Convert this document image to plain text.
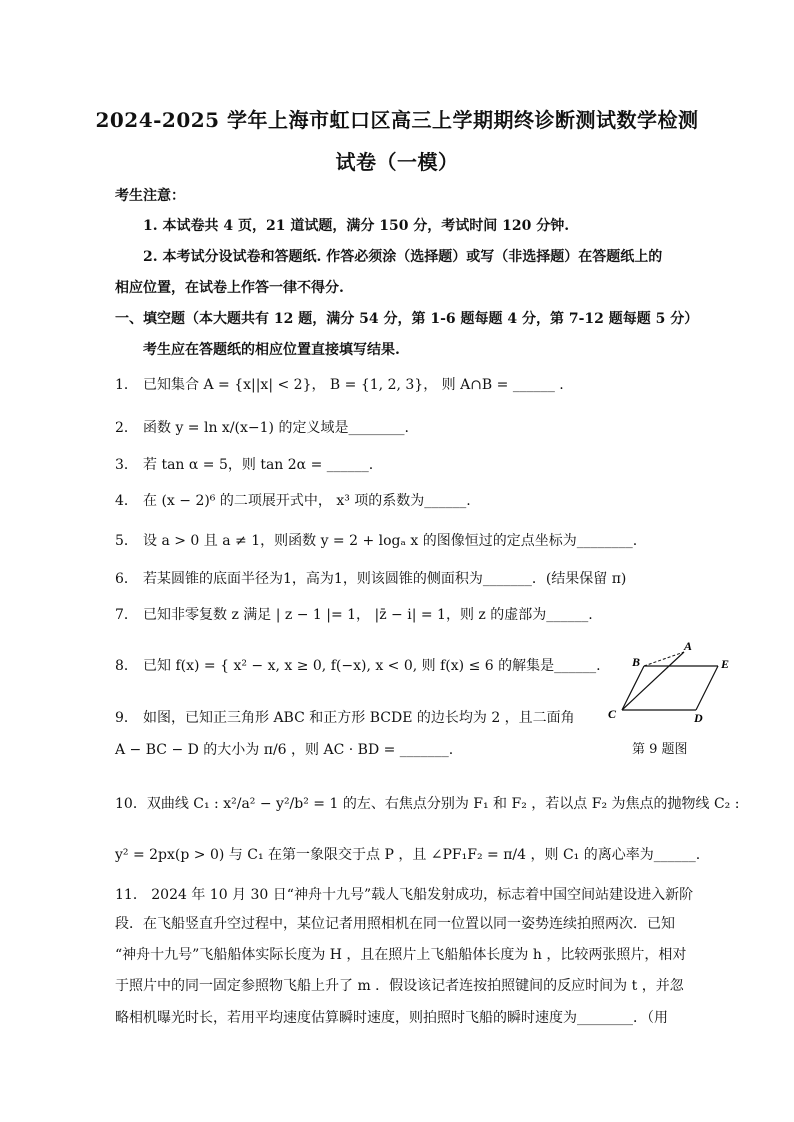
2024-2025 学年上海市虹口区高三上学期期终诊断测试数学检测
试卷（一模）
考生注意：
1. 本试卷共 4 页，21 道试题，满分 150 分，考试时间 120 分钟.
2. 本考试分设试卷和答题纸. 作答必须涂（选择题）或写（非选择题）在答题纸上的
相应位置，在试卷上作答一律不得分.
一、填空题（本大题共有 12 题，满分 54 分，第 1-6 题每题 4 分，第 7-12 题每题 5 分）
考生应在答题纸的相应位置直接填写结果.
1． 已知集合 A = {x||x| < 2}， B = {1, 2, 3}， 则 A∩B = ______ .
2． 函数 y = ln x/(x−1) 的定义域是________.
3． 若 tan α = 5，则 tan 2α = ______.
4． 在 (x − 2)⁶ 的二项展开式中， x³ 项的系数为______.
5． 设 a > 0 且 a ≠ 1，则函数 y = 2 + logₐ x 的图像恒过的定点坐标为________.
6． 若某圆锥的底面半径为1，高为1，则该圆锥的侧面积为_______．(结果保留 π)
7． 已知非零复数 z 满足 | z − 1 |= 1， |z̄ − i| = 1，则 z 的虚部为______.
8． 已知 f(x) = { x² − x, x ≥ 0, f(−x), x < 0, 则 f(x) ≤ 6 的解集是______.
9． 如图，已知正三角形 ABC 和正方形 BCDE 的边长均为 2 ，且二面角
A − BC − D 的大小为 π/6 ，则 AC · BD = _______.
10．双曲线 C₁ : x²/a² − y²/b² = 1 的左、右焦点分别为 F₁ 和 F₂ ，若以点 F₂ 为焦点的抛物线 C₂ :
y² = 2px(p > 0) 与 C₁ 在第一象限交于点 P ，且 ∠PF₁F₂ = π/4 ，则 C₁ 的离心率为______.
11． 2024 年 10 月 30 日“神舟十九号”载人飞船发射成功，标志着中国空间站建设进入新阶
段．在飞船竖直升空过程中，某位记者用照相机在同一位置以同一姿势连续拍照两次．已知
“神舟十九号”飞船船体实际长度为 H ，且在照片上飞船船体长度为 h ，比较两张照片，相对
于照片中的同一固定参照物飞船上升了 m ．假设该记者连按拍照键间的反应时间为 t ，并忽
略相机曝光时长，若用平均速度估算瞬时速度，则拍照时飞船的瞬时速度为________．（用
A
B	E
C	D
第 9 题图
